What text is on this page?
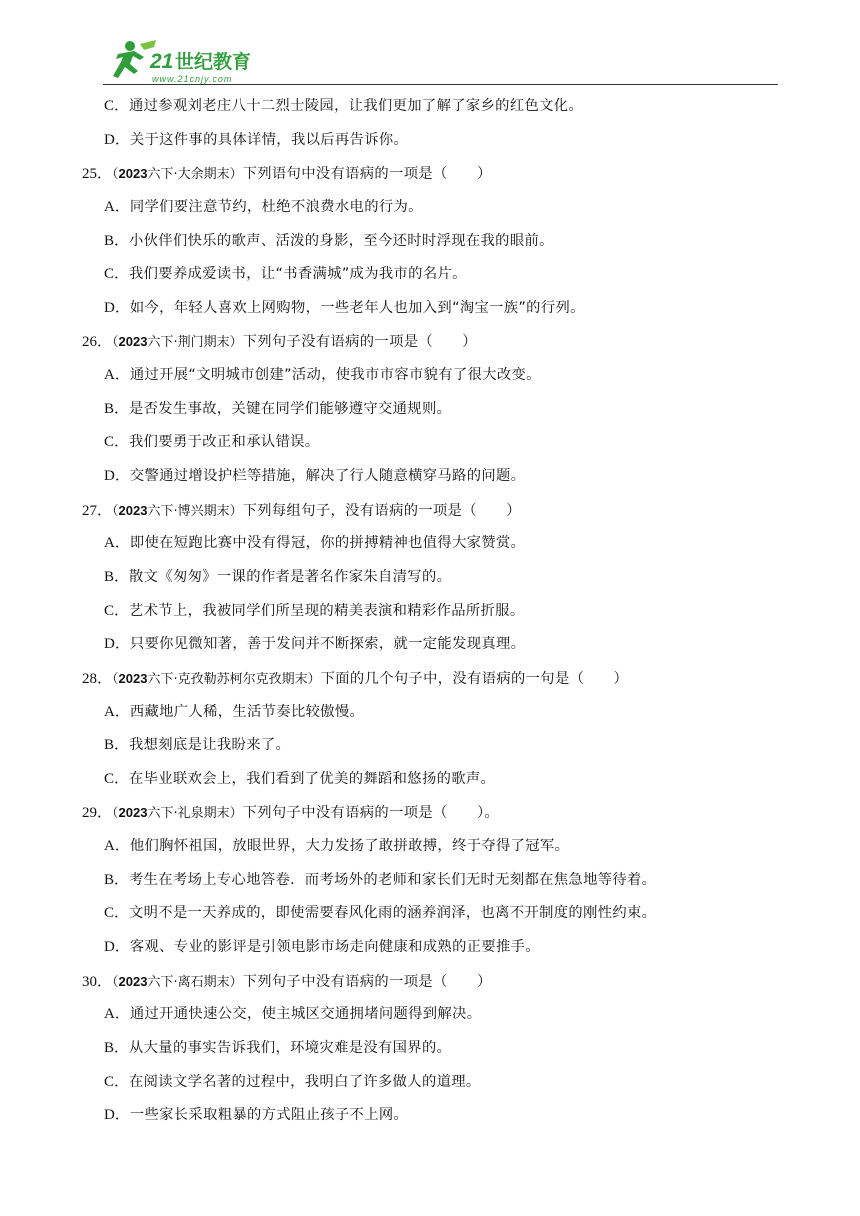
21 世纪教育
www.21cnjy.com
C．通过参观刘老庄八十二烈士陵园，让我们更加了解了家乡的红色文化。
D．关于这件事的具体详情，我以后再告诉你。
25．（2023六下·大余期末）下列语句中没有语病的一项是（　　）
A．同学们要注意节约，杜绝不浪费水电的行为。
B．小伙伴们快乐的歌声、活泼的身影，至今还时时浮现在我的眼前。
C．我们要养成爱读书，让“书香满城”成为我市的名片。
D．如今，年轻人喜欢上网购物，一些老年人也加入到“淘宝一族”的行列。
26．（2023六下·荆门期末）下列句子没有语病的一项是（　　）
A．通过开展“文明城市创建”活动，使我市市容市貌有了很大改变。
B．是否发生事故，关键在同学们能够遵守交通规则。
C．我们要勇于改正和承认错误。
D．交警通过增设护栏等措施，解决了行人随意横穿马路的问题。
27．（2023六下·博兴期末）下列每组句子，没有语病的一项是（　　）
A．即使在短跑比赛中没有得冠，你的拼搏精神也值得大家赞赏。
B．散文《匆匆》一课的作者是著名作家朱自清写的。
C．艺术节上，我被同学们所呈现的精美表演和精彩作品所折服。
D．只要你见微知著，善于发问并不断探索，就一定能发现真理。
28．（2023六下·克孜勒苏柯尔克孜期末）下面的几个句子中，没有语病的一句是（　　）
A．西藏地广人稀，生活节奏比较傲慢。
B．我想刻底是让我盼来了。
C．在毕业联欢会上，我们看到了优美的舞蹈和悠扬的歌声。
29．（2023六下·礼泉期末）下列句子中没有语病的一项是（　　）。
A．他们胸怀祖国，放眼世界，大力发扬了敢拼敢搏，终于夺得了冠军。
B．考生在考场上专心地答卷．而考场外的老师和家长们无时无刻都在焦急地等待着。
C．文明不是一天养成的，即使需要春风化雨的涵养润泽，也离不开制度的刚性约束。
D．客观、专业的影评是引领电影市场走向健康和成熟的正要推手。
30．（2023六下·离石期末）下列句子中没有语病的一项是（　　）
A．通过开通快速公交，使主城区交通拥堵问题得到解决。
B．从大量的事实告诉我们，环境灾难是没有国界的。
C．在阅读文学名著的过程中，我明白了许多做人的道理。
D．一些家长采取粗暴的方式阻止孩子不上网。
